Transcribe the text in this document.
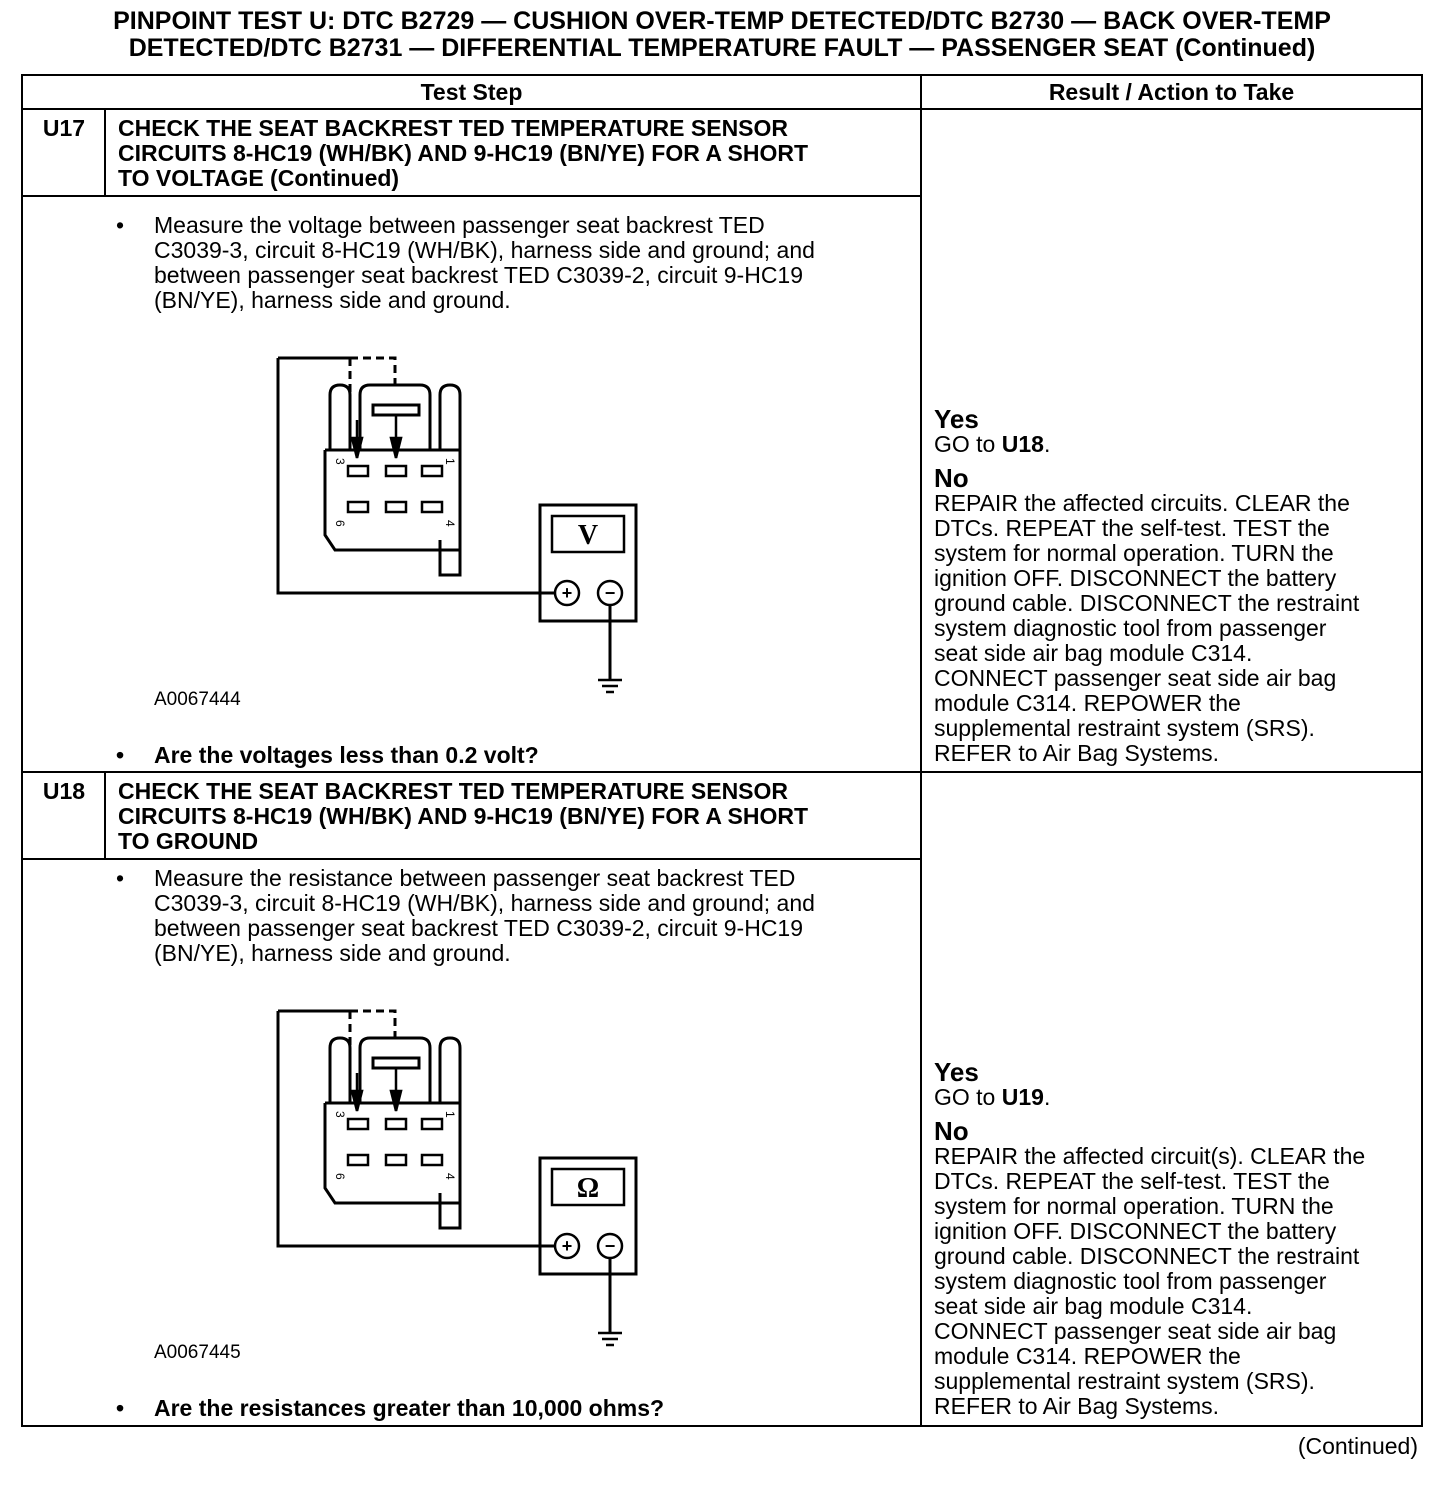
PINPOINT TEST U: DTC B2729 — CUSHION OVER-TEMP DETECTED/DTC B2730 — BACK OVER-TEMP
DETECTED/DTC B2731 — DIFFERENTIAL TEMPERATURE FAULT — PASSENGER SEAT (Continued)
Test Step	Result / Action to Take
U17	CHECK THE SEAT BACKREST TED TEMPERATURE SENSOR
CIRCUITS 8-HC19 (WH/BK) AND 9-HC19 (BN/YE) FOR A SHORT
TO VOLTAGE (Continued)
•	Measure the voltage between passenger seat backrest TED
C3039-3, circuit 8-HC19 (WH/BK), harness side and ground; and
between passenger seat backrest TED C3039-2, circuit 9-HC19
(BN/YE), harness side and ground.
3	1
6	4	V
+ −
A0067444
•	Are the voltages less than 0.2 volt?
Yes
GO to U18.
No
REPAIR the affected circuits. CLEAR the
DTCs. REPEAT the self-test. TEST the
system for normal operation. TURN the
ignition OFF. DISCONNECT the battery
ground cable. DISCONNECT the restraint
system diagnostic tool from passenger
seat side air bag module C314.
CONNECT passenger seat side air bag
module C314. REPOWER the
supplemental restraint system (SRS).
REFER to Air Bag Systems.
U18	CHECK THE SEAT BACKREST TED TEMPERATURE SENSOR
CIRCUITS 8-HC19 (WH/BK) AND 9-HC19 (BN/YE) FOR A SHORT
TO GROUND
•	Measure the resistance between passenger seat backrest TED
C3039-3, circuit 8-HC19 (WH/BK), harness side and ground; and
between passenger seat backrest TED C3039-2, circuit 9-HC19
(BN/YE), harness side and ground.
3	1
6	4	Ω
+ −
A0067445
•	Are the resistances greater than 10,000 ohms?
Yes
GO to U19.
No
REPAIR the affected circuit(s). CLEAR the
DTCs. REPEAT the self-test. TEST the
system for normal operation. TURN the
ignition OFF. DISCONNECT the battery
ground cable. DISCONNECT the restraint
system diagnostic tool from passenger
seat side air bag module C314.
CONNECT passenger seat side air bag
module C314. REPOWER the
supplemental restraint system (SRS).
REFER to Air Bag Systems.
(Continued)
